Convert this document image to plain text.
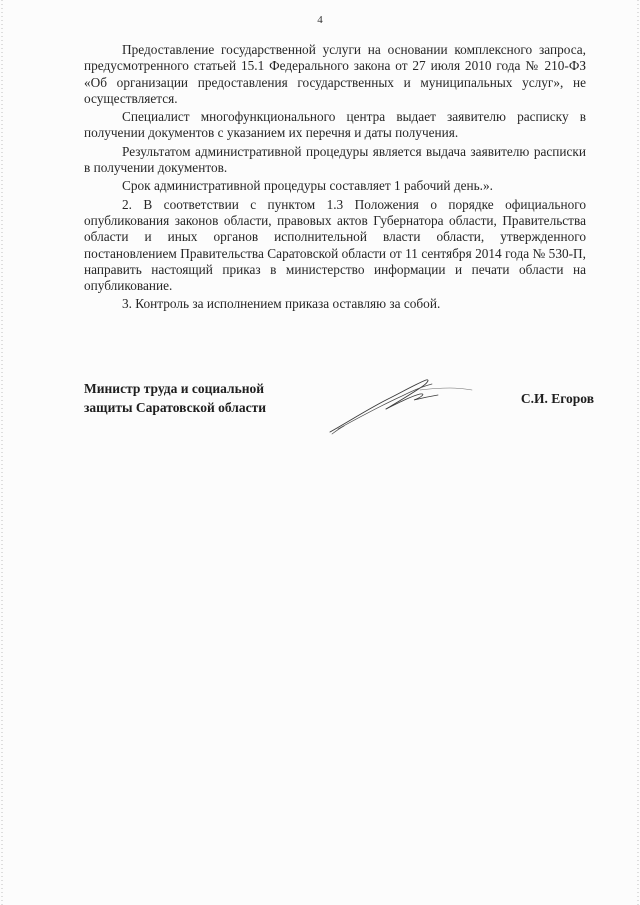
4

Предоставление государственной услуги на основании комплексного запроса, предусмотренного статьей 15.1 Федерального закона от 27 июля 2010 года № 210-ФЗ «Об организации предоставления государственных и муниципальных услуг», не осуществляется.

Специалист многофункционального центра выдает заявителю расписку в получении документов с указанием их перечня и даты получения.

Результатом административной процедуры является выдача заявителю расписки в получении документов.

Срок административной процедуры составляет 1 рабочий день.».

2. В соответствии с пунктом 1.3 Положения о порядке официального опубликования законов области, правовых актов Губернатора области, Правительства области и иных органов исполнительной власти области, утвержденного постановлением Правительства Саратовской области от 11 сентября 2014 года № 530-П, направить настоящий приказ в министерство информации и печати области на опубликование.

3. Контроль за исполнением приказа оставляю за собой.

Министр труда и социальной
защиты Саратовской области
С.И. Егоров
